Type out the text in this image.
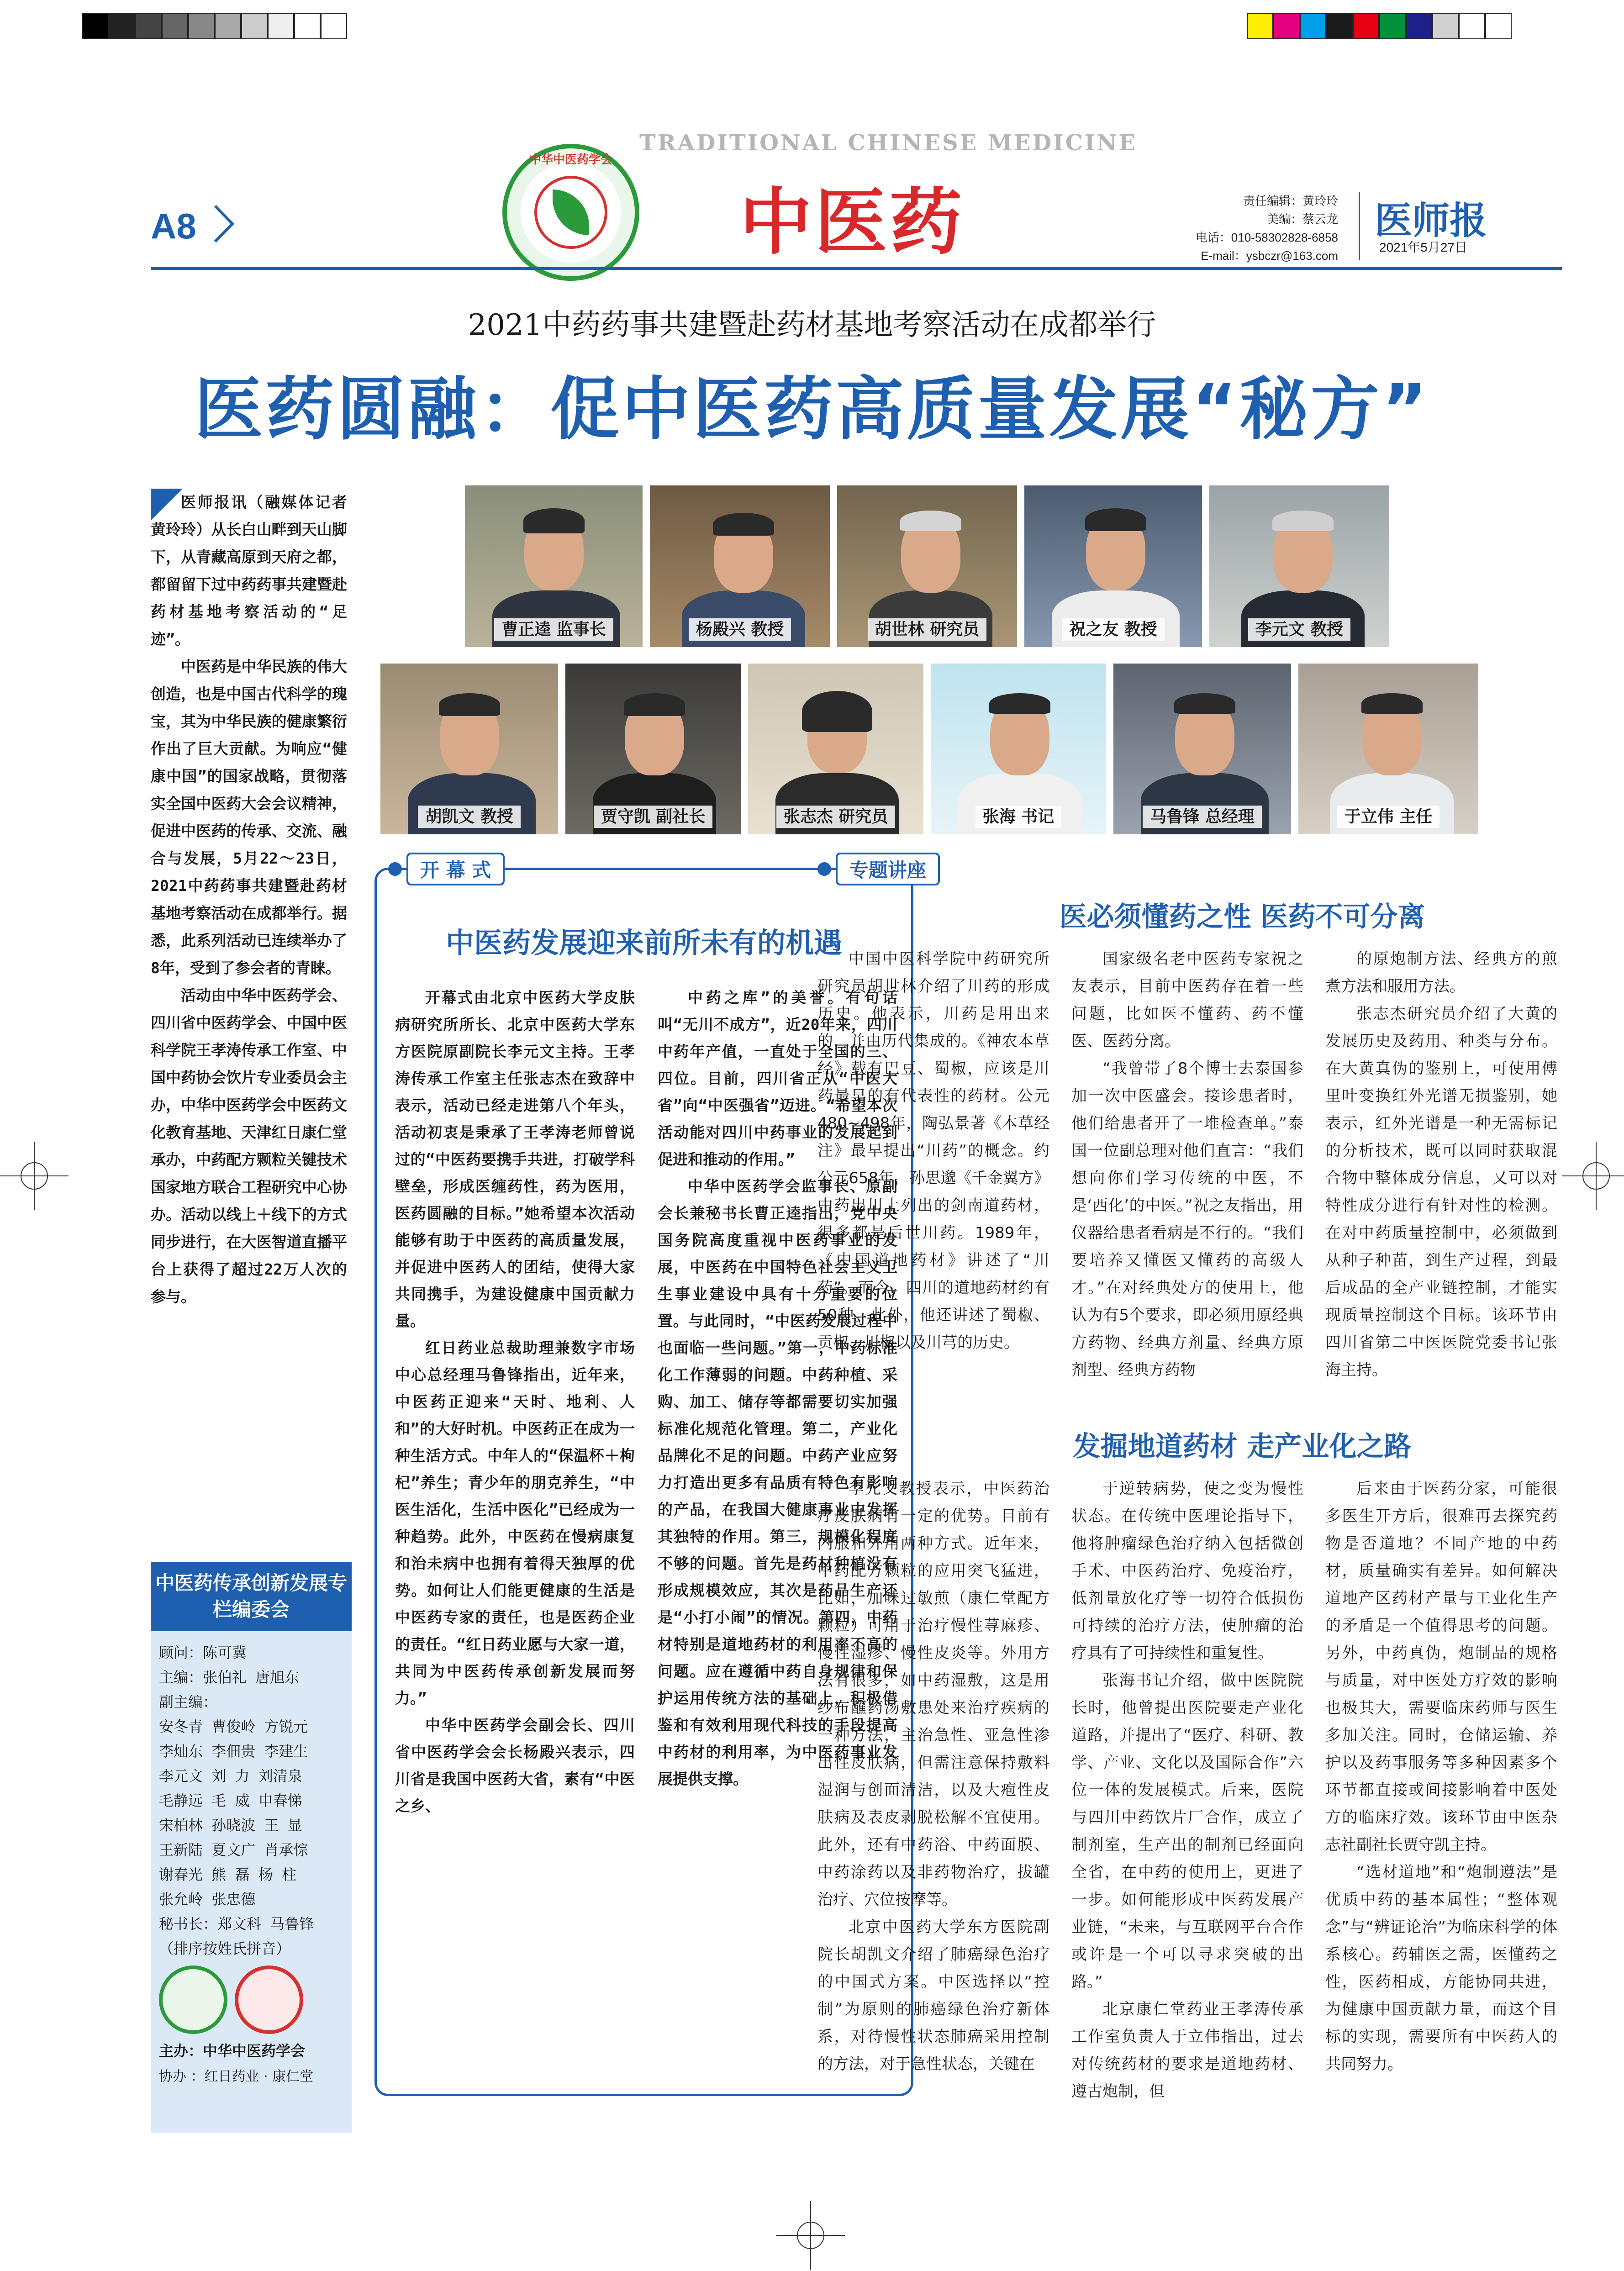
A8
中华中医药学会
TRADITIONAL CHINESE MEDICINE
中医药	责任编辑：黄玲玲
美编：蔡云龙
电话：010-58302828-6858
E-mail：ysbczr@163.com
医师报
2021年5月27日
2021中药药事共建暨赴药材基地考察活动在成都举行
医药圆融：促中医药高质量发展“秘方”

医师报讯（融媒体记者 黄玲玲）从长白山畔到天山脚下，从青藏高原到天府之都，都留留下过中药药事共建暨赴药材基地考察活动的“足迹”。

中医药是中华民族的伟大创造，也是中国古代科学的瑰宝，其为中华民族的健康繁衍作出了巨大贡献。为响应“健康中国”的国家战略，贯彻落实全国中医药大会会议精神，促进中医药的传承、交流、融合与发展，5月22～23日，2021中药药事共建暨赴药材基地考察活动在成都举行。据悉，此系列活动已连续举办了8年，受到了参会者的青睐。

活动由中华中医药学会、四川省中医药学会、中国中医科学院王孝涛传承工作室、中国中药协会饮片专业委员会主办，中华中医药学会中医药文化教育基地、天津红日康仁堂承办，中药配方颗粒关键技术国家地方联合工程研究中心协办。活动以线上＋线下的方式同步进行，在大医智道直播平台上获得了超过22万人次的参与。

中医药传承创新发展专栏编委会
顾问：陈可冀
主编：张伯礼 唐旭东
副主编：
安冬青 曹俊岭 方锐元
李灿东 李佃贵 李建生
李元文 刘 力 刘清泉
毛静远 毛 威 申春悌
宋柏林 孙晓波 王 显
王新陆 夏文广 肖承悰
谢春光 熊 磊 杨 柱
张允岭 张忠德
秘书长：郑文科 马鲁锋
（排序按姓氏拼音）
主办：中华中医药学会
协办 ：红日药业 · 康仁堂
曹正逵 监事长	杨殿兴 教授	胡世林 研究员	祝之友 教授	李元文 教授
胡凯文 教授	贾守凯 副社长	张志杰 研究员	张海 书记	马鲁锋 总经理	于立伟 主任
中医药发展迎来前所未有的机遇

开幕式由北京中医药大学皮肤病研究所所长、北京中医药大学东方医院原副院长李元文主持。王孝涛传承工作室主任张志杰在致辞中表示，活动已经走进第八个年头，活动初衷是秉承了王孝涛老师曾说过的“中医药要携手共进，打破学科壁垒，形成医缠药性，药为医用，医药圆融的目标。”她希望本次活动能够有助于中医药的高质量发展，并促进中医药人的团结，使得大家共同携手，为建设健康中国贡献力量。

红日药业总裁助理兼数字市场中心总经理马鲁锋指出，近年来，中医药正迎来“天时、地利、人和”的大好时机。中医药正在成为一种生活方式。中年人的“保温杯＋枸杞”养生；青少年的朋克养生，“中医生活化，生活中医化”已经成为一种趋势。此外，中医药在慢病康复和治未病中也拥有着得天独厚的优势。如何让人们能更健康的生活是中医药专家的责任，也是医药企业的责任。“红日药业愿与大家一道，共同为中医药传承创新发展而努力。”

中华中医药学会副会长、四川省中医药学会会长杨殿兴表示，四川省是我国中医药大省，素有“中医之乡、

中药之库”的美誉。有句话叫“无川不成方”，近20年来，四川中药年产值，一直处于全国的三、四位。目前，四川省正从“中医大省”向“中医强省”迈进。“希望本次活动能对四川中药事业的发展起到促进和推动的作用。”

中华中医药学会监事长、原副会长兼秘书长曹正逵指出，党中央国务院高度重视中医药事业的发展，中医药在中国特色社会主义卫生事业建设中具有十分重要的位置。与此同时，“中医药发展过程中也面临一些问题。”第一，中药标准化工作薄弱的问题。中药种植、采购、加工、储存等都需要切实加强标准化规范化管理。第二，产业化品牌化不足的问题。中药产业应努力打造出更多有品质有特色有影响的产品，在我国大健康事业中发挥其独特的作用。第三，规模化程度不够的问题。首先是药材种植没有形成规模效应，其次是药品生产还是“小打小闹”的情况。第四，中药材特别是道地药材的利用率不高的问题。应在遵循中药自身规律和保护运用传统方法的基础上，积极借鉴和有效利用现代科技的手段提高中药材的利用率，为中医药事业发展提供支撑。

开 幕 式	专题讲座
医必须懂药之性 医药不可分离

中国中医科学院中药研究所研究员胡世林介绍了川药的形成历史。他表示，川药是用出来的，并由历代集成的。《神农本草经》载有巴豆、蜀椒，应该是川药最早的有代表性的药材。公元480~498年，陶弘景著《本草经注》最早提出“川药”的概念。约公元658年，孙思邈《千金翼方》中药出川土列出的剑南道药材，很多都是后世川药。1989年，《中国道地药材》讲述了“川药”。而今，四川的道地药材约有50种。此外，他还讲述了蜀椒、贡椒、川椒以及川芎的历史。

国家级名老中医药专家祝之友表示，目前中医药存在着一些问题，比如医不懂药、药不懂医、医药分离。

“我曾带了8个博士去泰国参加一次中医盛会。接诊患者时，他们给患者开了一堆检查单。”泰国一位副总理对他们直言：“我们想向你们学习传统的中医，不是‘西化’的中医。”祝之友指出，用仪器给患者看病是不行的。“我们要培养又懂医又懂药的高级人才。”在对经典处方的使用上，他认为有5个要求，即必须用原经典方药物、经典方剂量、经典方原剂型、经典方药物

的原炮制方法、经典方的煎煮方法和服用方法。

张志杰研究员介绍了大黄的发展历史及药用、种类与分布。在大黄真伪的鉴别上，可使用傅里叶变换红外光谱无损鉴别，她表示，红外光谱是一种无需标记的分析技术，既可以同时获取混合物中整体成分信息，又可以对特性成分进行有针对性的检测。在对中药质量控制中，必须做到从种子种苗，到生产过程，到最后成品的全产业链控制，才能实现质量控制这个目标。该环节由四川省第二中医医院党委书记张海主持。

发掘地道药材 走产业化之路

李元文教授表示，中医药治疗皮肤病有一定的优势。目前有内服和外用两种方式。近年来，中药配方颗粒的应用突飞猛进，比如，加味过敏煎（康仁堂配方颗粒）可用于治疗慢性荨麻疹、慢性湿疹、慢性皮炎等。外用方法有很多，如中药湿敷，这是用纱布蘸药汤敷患处来治疗疾病的一种方法，主治急性、亚急性渗出性皮肤病，但需注意保持敷料湿润与创面清洁，以及大疱性皮肤病及表皮剥脱松解不宜使用。此外，还有中药浴、中药面膜、中药涂药以及非药物治疗，拔罐治疗、穴位按摩等。

北京中医药大学东方医院副院长胡凯文介绍了肺癌绿色治疗的中国式方案。中医选择以“控制”为原则的肺癌绿色治疗新体系，对待慢性状态肺癌采用控制的方法，对于急性状态，关键在

于逆转病势，使之变为慢性状态。在传统中医理论指导下，他将肿瘤绿色治疗纳入包括微创手术、中医药治疗、免疫治疗，低剂量放化疗等一切符合低损伤可持续的治疗方法，使肿瘤的治疗具有了可持续性和重复性。

张海书记介绍，做中医院院长时，他曾提出医院要走产业化道路，并提出了“医疗、科研、教学、产业、文化以及国际合作”六位一体的发展模式。后来，医院与四川中药饮片厂合作，成立了制剂室，生产出的制剂已经面向全省，在中药的使用上，更进了一步。如何能形成中医药发展产业链，“未来，与互联网平台合作或许是一个可以寻求突破的出路。”

北京康仁堂药业王孝涛传承工作室负责人于立伟指出，过去对传统药材的要求是道地药材、遵古炮制，但

后来由于医药分家，可能很多医生开方后，很难再去探究药物是否道地？不同产地的中药材，质量确实有差异。如何解决道地产区药材产量与工业化生产的矛盾是一个值得思考的问题。另外，中药真伪，炮制品的规格与质量，对中医处方疗效的影响也极其大，需要临床药师与医生多加关注。同时，仓储运输、养护以及药事服务等多种因素多个环节都直接或间接影响着中医处方的临床疗效。该环节由中医杂志社副社长贾守凯主持。

“选材道地”和“炮制遵法”是优质中药的基本属性；“整体观念”与“辨证论治”为临床科学的体系核心。药辅医之需，医懂药之性，医药相成，方能协同共进，为健康中国贡献力量，而这个目标的实现，需要所有中医药人的共同努力。
